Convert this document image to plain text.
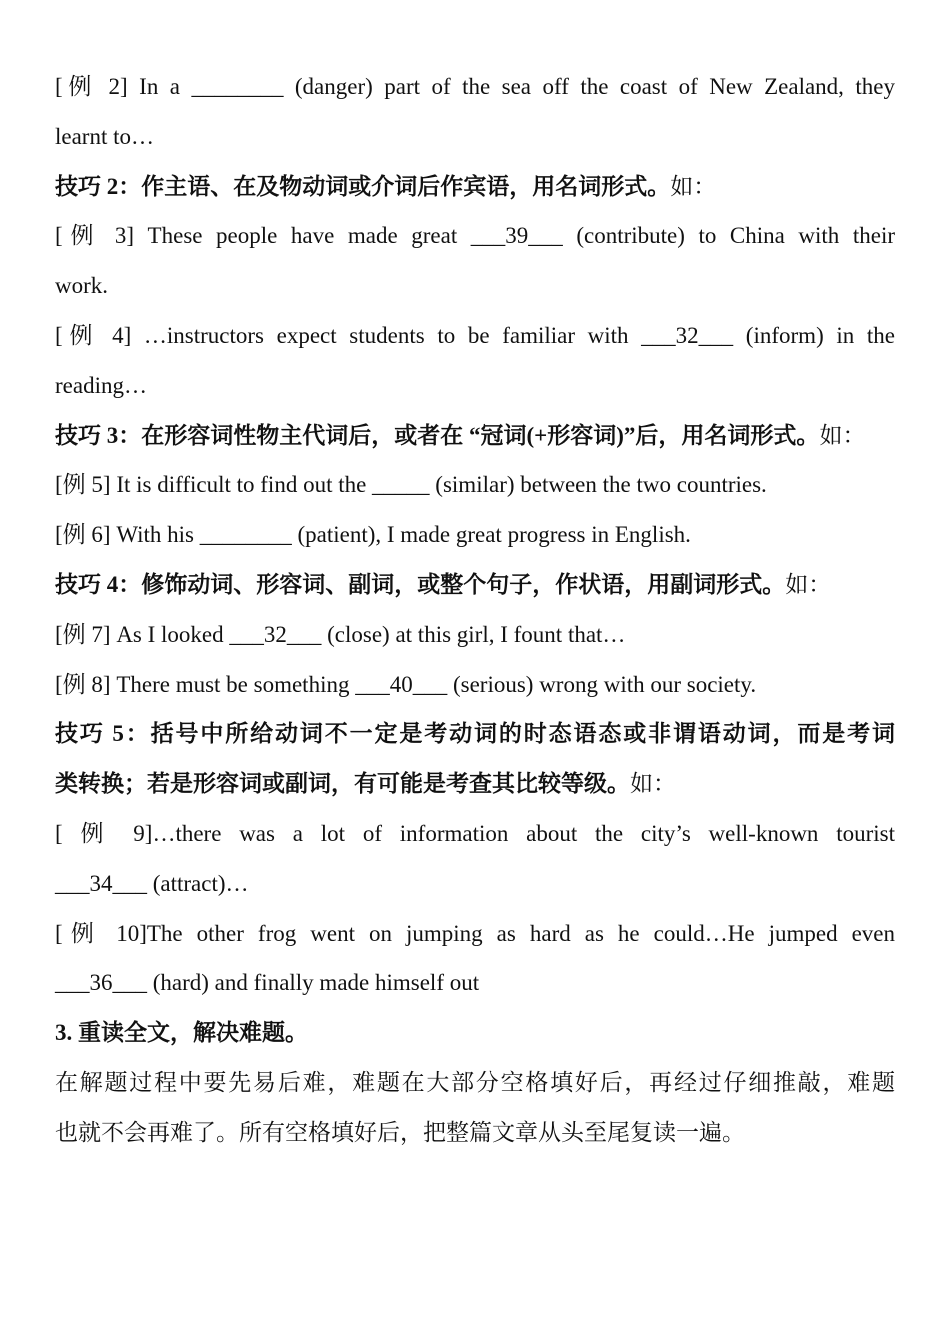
[例 2] In a ________ (danger) part of the sea off the coast of New Zealand, they
learnt to…
技巧 2：作主语、在及物动词或介词后作宾语，用名词形式。如：
[例 3] These people have made great ___39___ (contribute) to China with their
work.
[例 4] …instructors expect students to be familiar with ___32___ (inform) in the
reading…
技巧 3：在形容词性物主代词后，或者在 “冠词(+形容词)”后，用名词形式。如：
[例 5] It is difficult to find out the _____ (similar) between the two countries.
[例 6] With his ________ (patient), I made great progress in English.
技巧 4：修饰动词、形容词、副词，或整个句子，作状语，用副词形式。如：
[例 7] As I looked ___32___ (close) at this girl, I fount that…
[例 8] There must be something ___40___ (serious) wrong with our society.
技巧 5：括号中所给动词不一定是考动词的时态语态或非谓语动词，而是考词
类转换；若是形容词或副词，有可能是考查其比较等级。如：
[ 例 9]…there was a lot of information about the city’s well-known tourist
___34___ (attract)…
[例 10]The other frog went on jumping as hard as he could…He jumped even
___36___ (hard) and finally made himself out
3. 重读全文，解决难题。
在解题过程中要先易后难，难题在大部分空格填好后，再经过仔细推敲，难题
也就不会再难了。所有空格填好后，把整篇文章从头至尾复读一遍。
